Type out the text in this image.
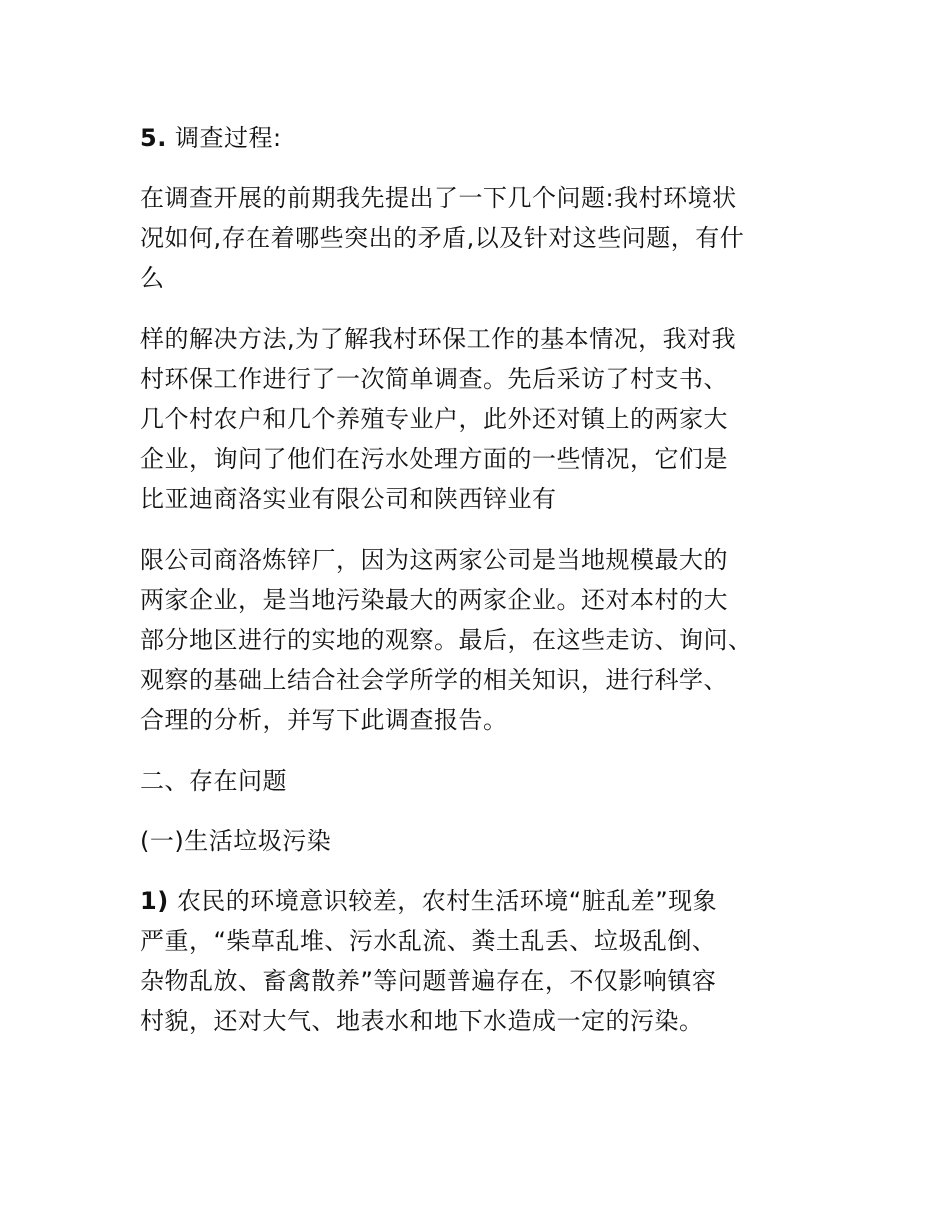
5. 调查过程:

在调查开展的前期我先提出了一下几个问题:我村环境状
况如何,存在着哪些突出的矛盾,以及针对这些问题，有什
么

样的解决方法,为了解我村环保工作的基本情况，我对我
村环保工作进行了一次简单调查。先后采访了村支书、
几个村农户和几个养殖专业户，此外还对镇上的两家大
企业，询问了他们在污水处理方面的一些情况，它们是
比亚迪商洛实业有限公司和陕西锌业有

限公司商洛炼锌厂，因为这两家公司是当地规模最大的
两家企业，是当地污染最大的两家企业。还对本村的大
部分地区进行的实地的观察。最后，在这些走访、询问、
观察的基础上结合社会学所学的相关知识，进行科学、
合理的分析，并写下此调查报告。

二、存在问题

(一)生活垃圾污染

1) 农民的环境意识较差，农村生活环境“脏乱差”现象
严重，“柴草乱堆、污水乱流、粪土乱丢、垃圾乱倒、
杂物乱放、畜禽散养”等问题普遍存在，不仅影响镇容
村貌，还对大气、地表水和地下水造成一定的污染。
